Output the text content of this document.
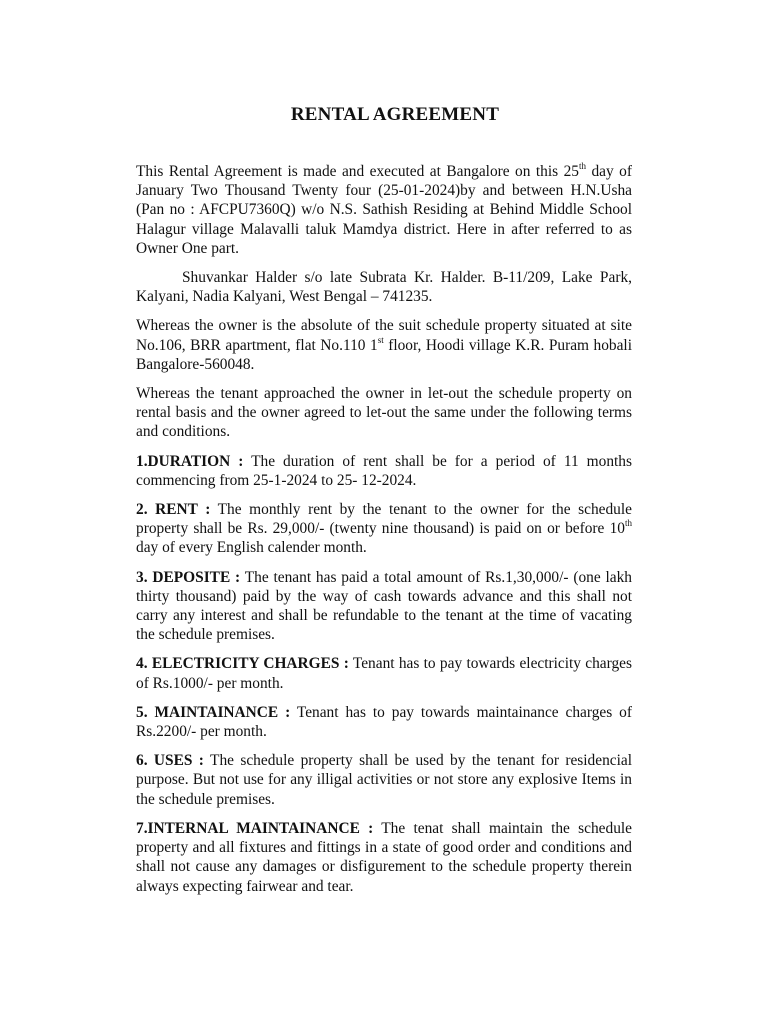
RENTAL AGREEMENT

This Rental Agreement is made and executed at Bangalore on this 25th day of January Two Thousand Twenty four (25-01-2024)by and between H.N.Usha (Pan no : AFCPU7360Q) w/o N.S. Sathish Residing at Behind Middle School Halagur village Malavalli taluk Mamdya district. Here in after referred to as Owner One part.

Shuvankar Halder s/o late Subrata Kr. Halder. B-11/209, Lake Park, Kalyani, Nadia Kalyani, West Bengal – 741235.

Whereas the owner is the absolute of the suit schedule property situated at site No.106, BRR apartment, flat No.110 1st floor, Hoodi village K.R. Puram hobali Bangalore-560048.

Whereas the tenant approached the owner in let-out the schedule property on rental basis and the owner agreed to let-out the same under the following terms and conditions.

1.DURATION : The duration of rent shall be for a period of 11 months commencing from 25-1-2024 to 25- 12-2024.

2. RENT : The monthly rent by the tenant to the owner for the schedule property shall be Rs. 29,000/- (twenty nine thousand) is paid on or before 10th day of every English calender month.

3. DEPOSITE : The tenant has paid a total amount of Rs.1,30,000/- (one lakh thirty thousand) paid by the way of cash towards advance and this shall not carry any interest and shall be refundable to the tenant at the time of vacating the schedule premises.

4. ELECTRICITY CHARGES : Tenant has to pay towards electricity charges of Rs.1000/- per month.

5. MAINTAINANCE : Tenant has to pay towards maintainance charges of Rs.2200/- per month.

6. USES : The schedule property shall be used by the tenant for residencial purpose. But not use for any illigal activities or not store any explosive Items in the schedule premises.

7.INTERNAL MAINTAINANCE : The tenat shall maintain the schedule property and all fixtures and fittings in a state of good order and conditions and shall not cause any damages or disfigurement to the schedule property therein always expecting fairwear and tear.
